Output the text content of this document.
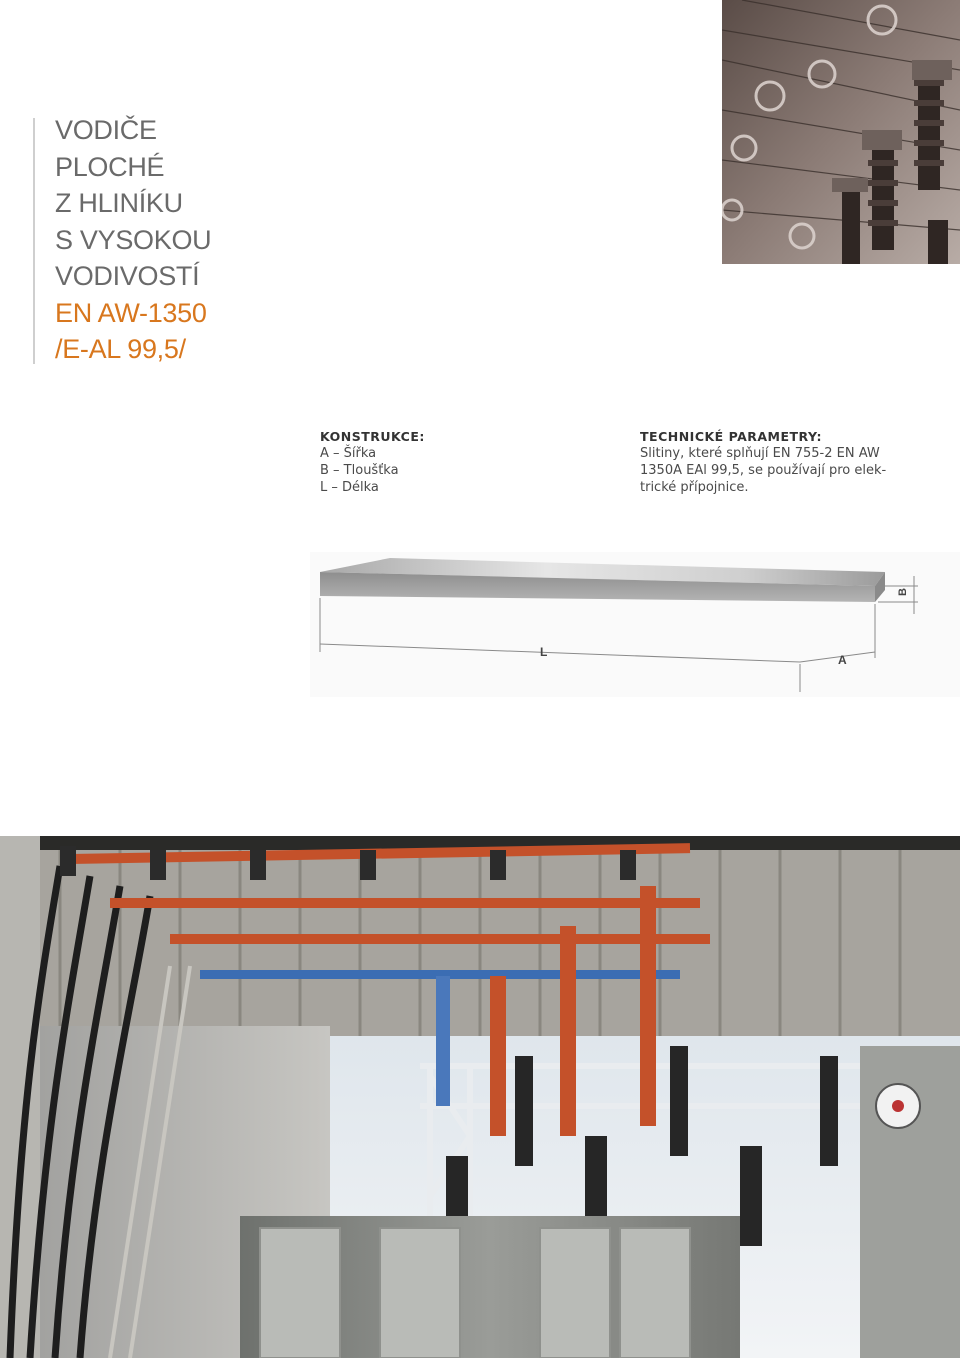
VODIČE
PLOCHÉ
Z HLINÍKU
S VYSOKOU
VODIVOSTÍ
EN AW-1350
/E-AL 99,5/
KONSTRUKCE:
A – Šířka
B – Tloušťka
L – Délka
TECHNICKÉ PARAMETRY:
Slitiny, které splňují EN 755-2 EN AW
1350A EAl 99,5, se používají pro elek-
trické přípojnice.
L
A
B
